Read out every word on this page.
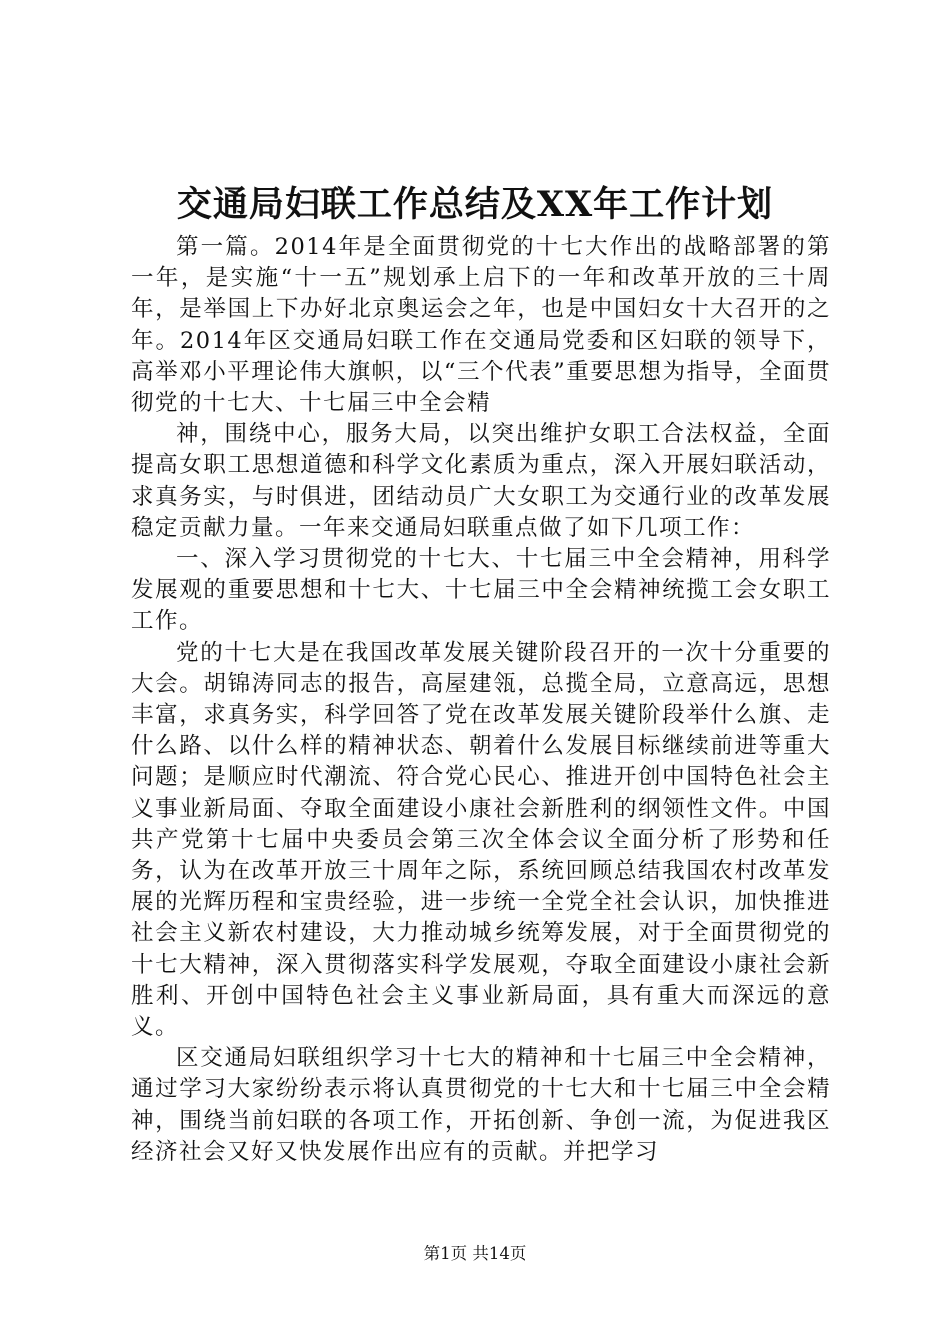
交通局妇联工作总结及XX年工作计划

第一篇。2014年是全面贯彻党的十七大作出的战略部署的第一年，是实施“十一五”规划承上启下的一年和改革开放的三十周年，是举国上下办好北京奥运会之年，也是中国妇女十大召开的之年。2014年区交通局妇联工作在交通局党委和区妇联的领导下，高举邓小平理论伟大旗帜，以“三个代表”重要思想为指导，全面贯彻党的十七大、十七届三中全会精

神，围绕中心，服务大局，以突出维护女职工合法权益，全面提高女职工思想道德和科学文化素质为重点，深入开展妇联活动，求真务实，与时俱进，团结动员广大女职工为交通行业的改革发展稳定贡献力量。一年来交通局妇联重点做了如下几项工作：

一、深入学习贯彻党的十七大、十七届三中全会精神，用科学发展观的重要思想和十七大、十七届三中全会精神统揽工会女职工工作。

党的十七大是在我国改革发展关键阶段召开的一次十分重要的大会。胡锦涛同志的报告，高屋建瓴，总揽全局，立意高远，思想丰富，求真务实，科学回答了党在改革发展关键阶段举什么旗、走什么路、以什么样的精神状态、朝着什么发展目标继续前进等重大问题；是顺应时代潮流、符合党心民心、推进开创中国特色社会主义事业新局面、夺取全面建设小康社会新胜利的纲领性文件。中国共产党第十七届中央委员会第三次全体会议全面分析了形势和任务，认为在改革开放三十周年之际，系统回顾总结我国农村改革发展的光辉历程和宝贵经验，进一步统一全党全社会认识，加快推进社会主义新农村建设，大力推动城乡统筹发展，对于全面贯彻党的十七大精神，深入贯彻落实科学发展观，夺取全面建设小康社会新胜利、开创中国特色社会主义事业新局面，具有重大而深远的意义。

区交通局妇联组织学习十七大的精神和十七届三中全会精神，通过学习大家纷纷表示将认真贯彻党的十七大和十七届三中全会精神，围绕当前妇联的各项工作，开拓创新、争创一流，为促进我区经济社会又好又快发展作出应有的贡献。并把学习

第1页 共14页
